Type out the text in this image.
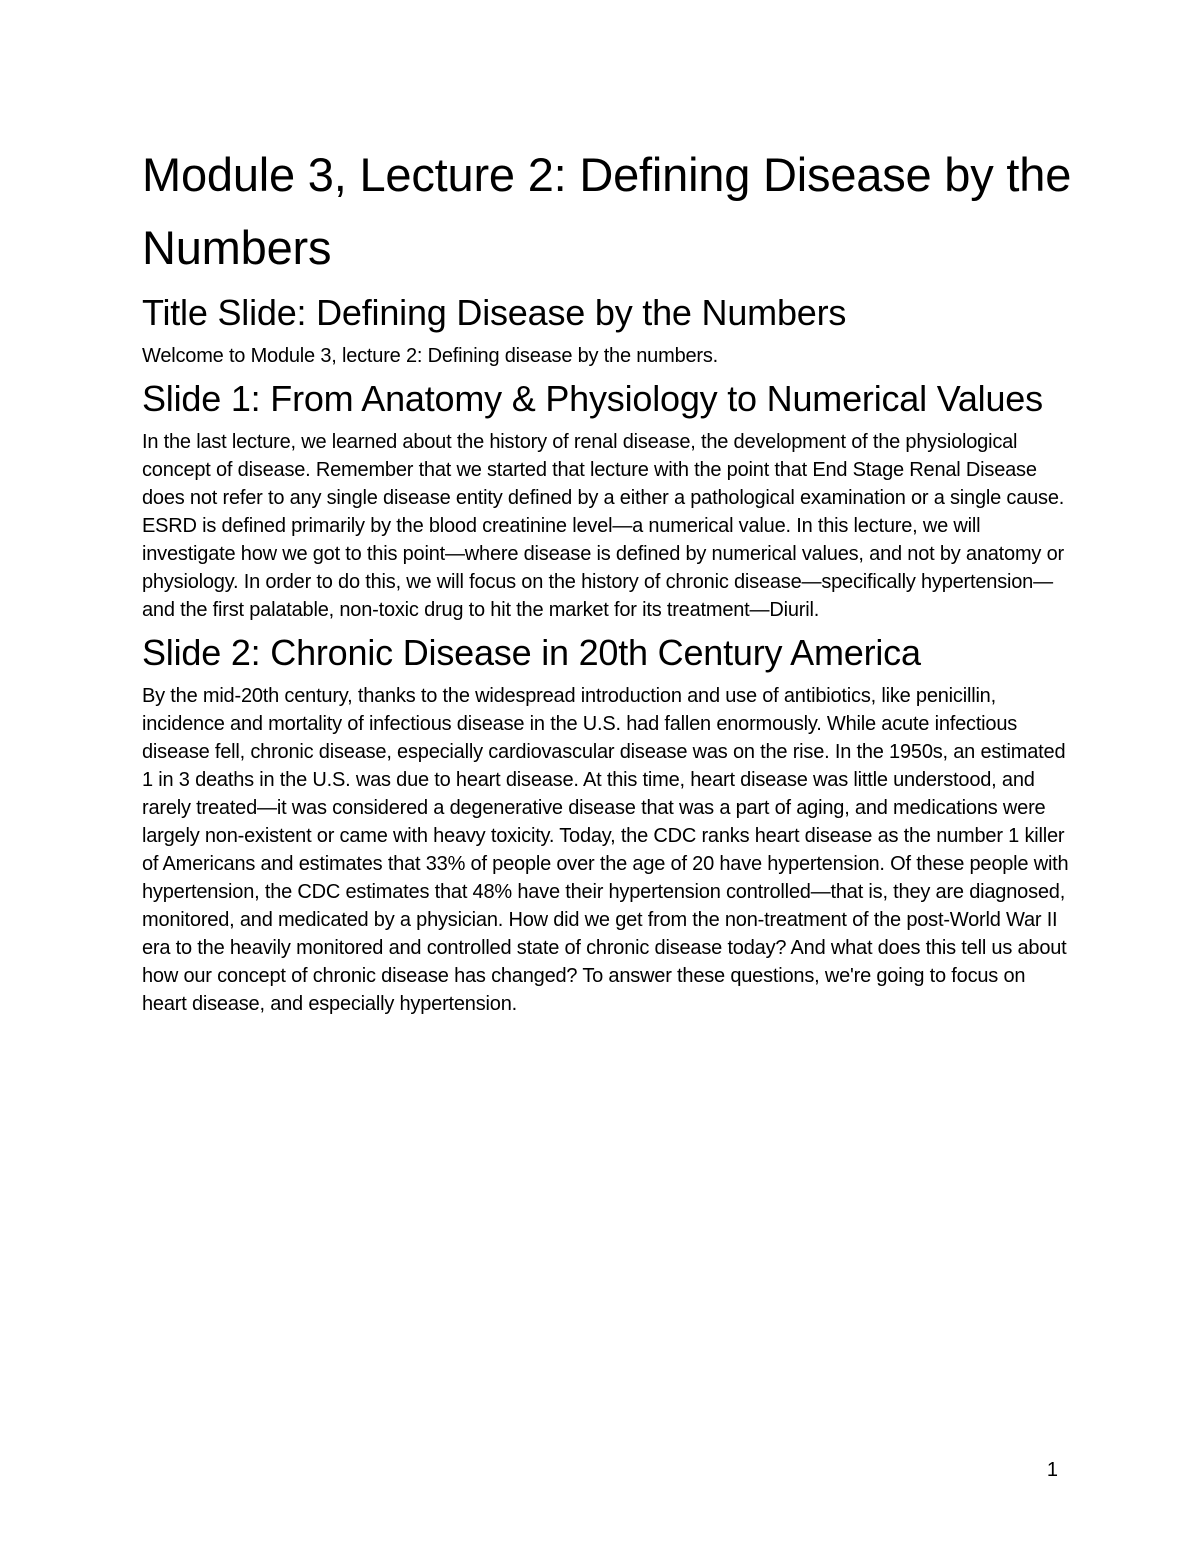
Module 3, Lecture 2: Defining Disease by the Numbers
Title Slide: Defining Disease by the Numbers

Welcome to Module 3, lecture 2: Defining disease by the numbers.

Slide 1: From Anatomy & Physiology to Numerical Values

In the last lecture, we learned about the history of renal disease, the development of the physiological concept of disease. Remember that we started that lecture with the point that End Stage Renal Disease does not refer to any single disease entity defined by a either a pathological examination or a single cause. ESRD is defined primarily by the blood creatinine level—a numerical value. In this lecture, we will investigate how we got to this point—where disease is defined by numerical values, and not by anatomy or physiology. In order to do this, we will focus on the history of chronic disease—specifically hypertension—and the first palatable, non-toxic drug to hit the market for its treatment—Diuril.

Slide 2: Chronic Disease in 20th Century America

By the mid-20th century, thanks to the widespread introduction and use of antibiotics, like penicillin, incidence and mortality of infectious disease in the U.S. had fallen enormously. While acute infectious disease fell, chronic disease, especially cardiovascular disease was on the rise. In the 1950s, an estimated 1 in 3 deaths in the U.S. was due to heart disease. At this time, heart disease was little understood, and rarely treated—it was considered a degenerative disease that was a part of aging, and medications were largely non-existent or came with heavy toxicity. Today, the CDC ranks heart disease as the number 1 killer of Americans and estimates that 33% of people over the age of 20 have hypertension. Of these people with hypertension, the CDC estimates that 48% have their hypertension controlled—that is, they are diagnosed, monitored, and medicated by a physician. How did we get from the non-treatment of the post-World War II era to the heavily monitored and controlled state of chronic disease today? And what does this tell us about how our concept of chronic disease has changed? To answer these questions, we're going to focus on heart disease, and especially hypertension.

1
